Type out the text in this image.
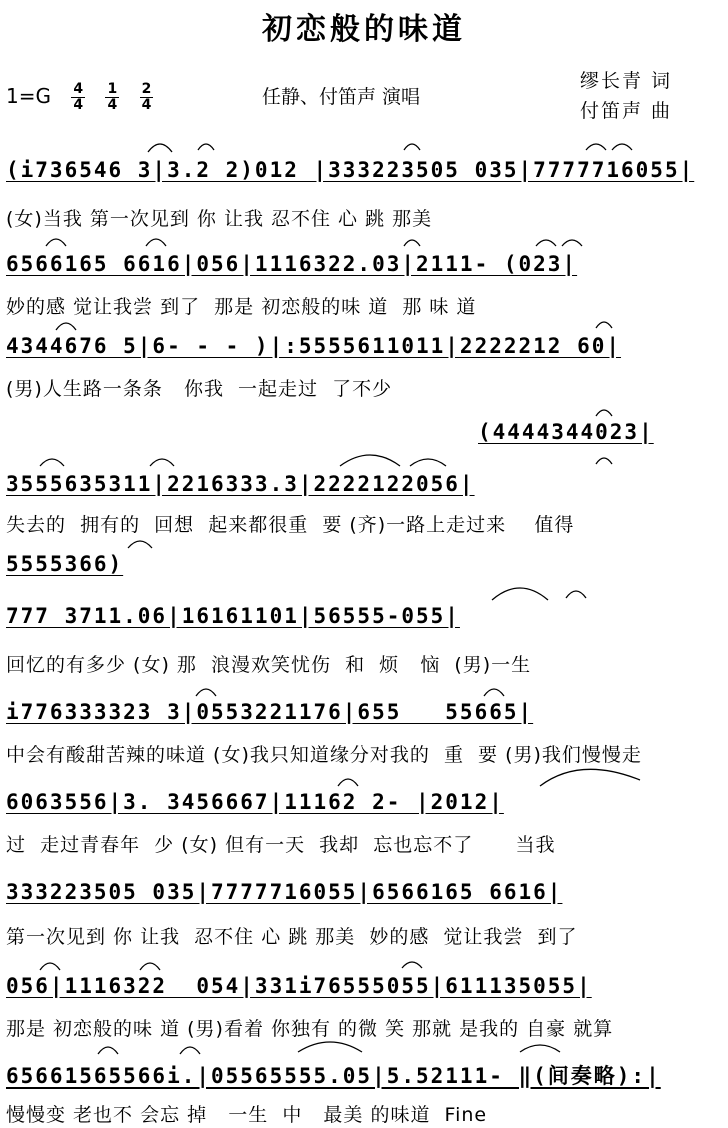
初恋般的味道
$1=G \frac{4}{4}$
$\frac{1}{4}$
$\frac{2}{4}$	任静、付笛声 演唱
缪长青 词
付笛声 曲
(i736546 3|3.2 2)012 |333223505 035|7777716055|
(女)当我 第一次见到 你 让我 忍不住 心 跳 那美
6566165 6616|056|1116322.03|2111- (023|
妙的感 觉让我尝 到了  那是 初恋般的味 道  那 味 道
4344676 5|6- - - )|:5555611011|2222212 60|
(男)人生路一条条   你我  一起走过  了不少
(4444344023|
3555635311|2216333.3|2222122056|
失去的  拥有的  回想  起来都很重  要 (齐)一路上走过来    值得
5555366)
777 3711.06|16161101|56555-055|
回忆的有多少 (女) 那  浪漫欢笑忧伤  和  烦   恼  (男)一生
i776333323 3|0553221176|655   55665|
中会有酸甜苦辣的味道 (女)我只知道缘分对我的  重  要 (男)我们慢慢走
6063556|3. 3456667|11162 2- |2012|
过  走过青春年  少 (女) 但有一天  我却  忘也忘不了      当我
333223505 035|7777716055|6566165 6616|
第一次见到 你 让我  忍不住 心 跳 那美  妙的感  觉让我尝  到了
056|1116322  054|331i76555055|611135055|
那是 初恋般的味 道 (男)看着 你独有 的微 笑 那就 是我的 自豪 就算
65661565566i.|05565555.05|5.52111- ‖(间奏略):|
慢慢变 老也不 会忘 掉   一生  中   最美 的味道  Fine
